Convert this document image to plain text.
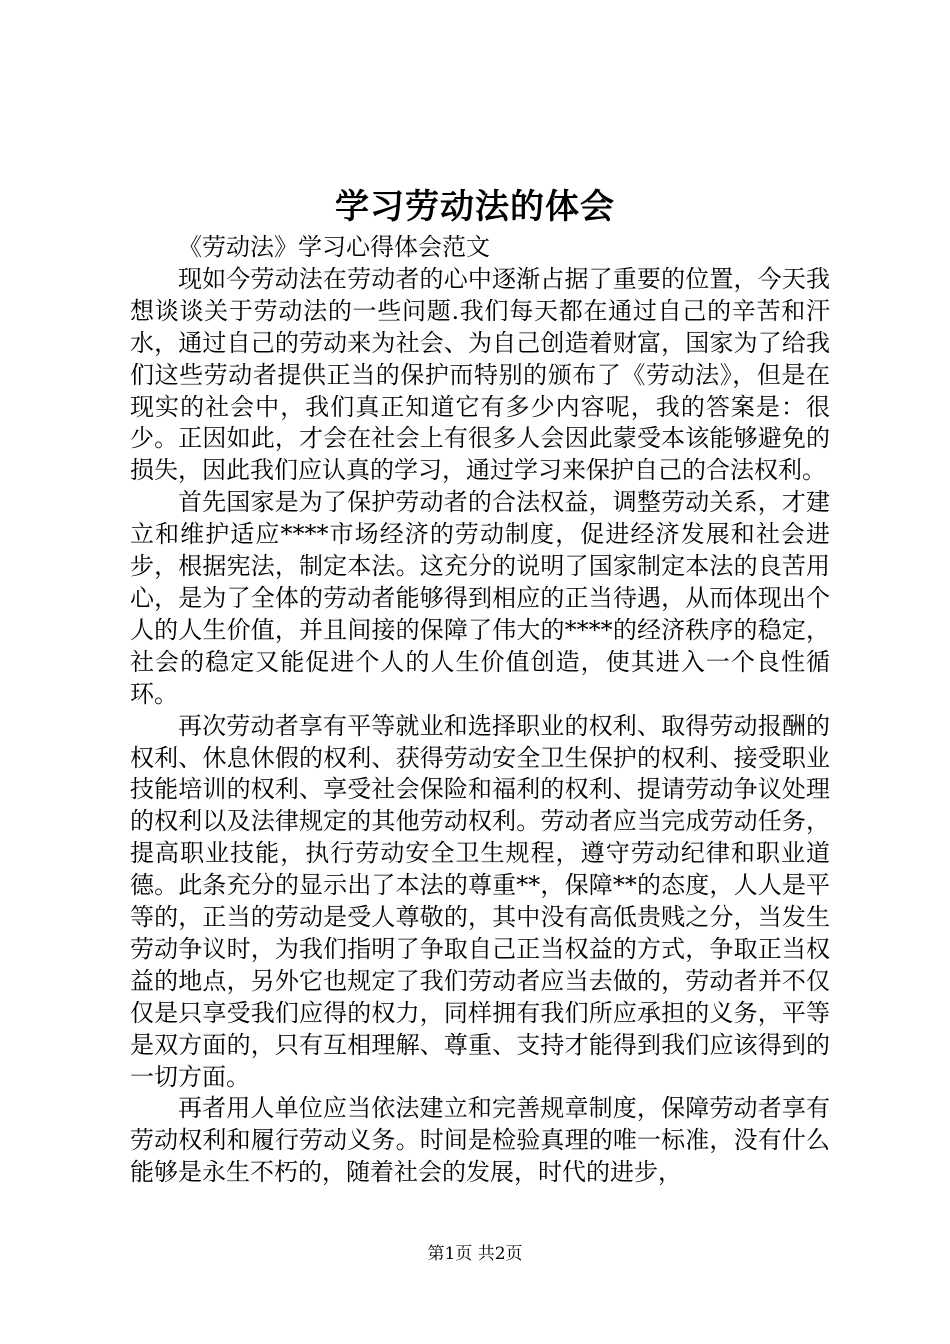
学习劳动法的体会

《劳动法》学习心得体会范文

现如今劳动法在劳动者的心中逐渐占据了重要的位置，今天我想谈谈关于劳动法的一些问题.我们每天都在通过自己的辛苦和汗水，通过自己的劳动来为社会、为自己创造着财富，国家为了给我们这些劳动者提供正当的保护而特别的颁布了《劳动法》，但是在现实的社会中，我们真正知道它有多少内容呢，我的答案是：很少。正因如此，才会在社会上有很多人会因此蒙受本该能够避免的损失，因此我们应认真的学习，通过学习来保护自己的合法权利。

首先国家是为了保护劳动者的合法权益，调整劳动关系，才建立和维护适应****市场经济的劳动制度，促进经济发展和社会进步，根据宪法，制定本法。这充分的说明了国家制定本法的良苦用心，是为了全体的劳动者能够得到相应的正当待遇，从而体现出个人的人生价值，并且间接的保障了伟大的****的经济秩序的稳定，社会的稳定又能促进个人的人生价值创造，使其进入一个良性循环。

再次劳动者享有平等就业和选择职业的权利、取得劳动报酬的权利、休息休假的权利、获得劳动安全卫生保护的权利、接受职业技能培训的权利、享受社会保险和福利的权利、提请劳动争议处理的权利以及法律规定的其他劳动权利。劳动者应当完成劳动任务，提高职业技能，执行劳动安全卫生规程，遵守劳动纪律和职业道德。此条充分的显示出了本法的尊重**，保障**的态度，人人是平等的，正当的劳动是受人尊敬的，其中没有高低贵贱之分，当发生劳动争议时，为我们指明了争取自己正当权益的方式，争取正当权益的地点，另外它也规定了我们劳动者应当去做的，劳动者并不仅仅是只享受我们应得的权力，同样拥有我们所应承担的义务，平等是双方面的，只有互相理解、尊重、支持才能得到我们应该得到的一切方面。

再者用人单位应当依法建立和完善规章制度，保障劳动者享有劳动权利和履行劳动义务。时间是检验真理的唯一标准，没有什么能够是永生不朽的，随着社会的发展，时代的进步，

第1页 共2页
